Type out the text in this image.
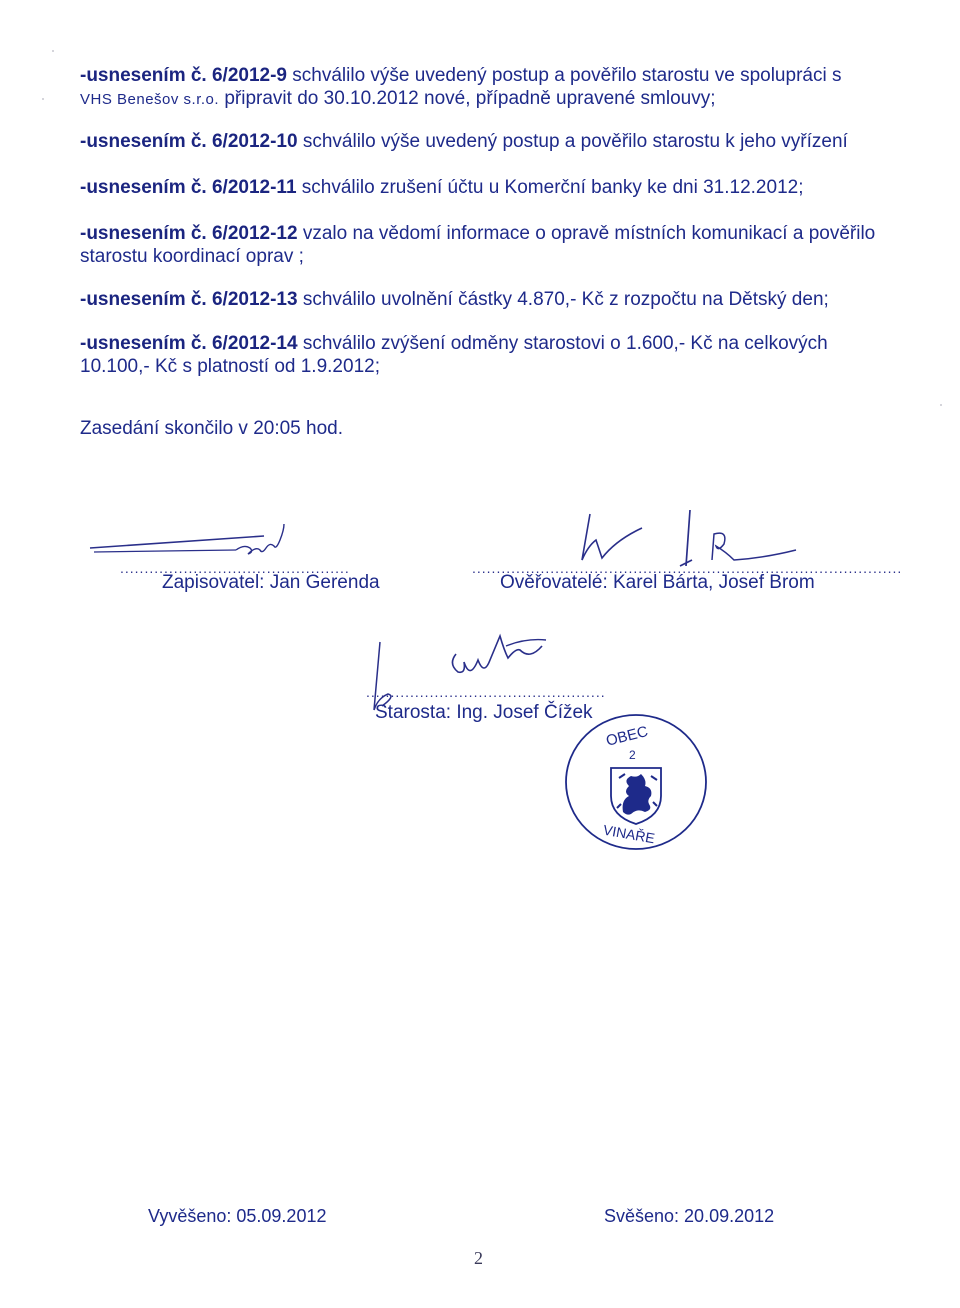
-usnesením č. 6/2012-9 schválilo výše uvedený postup a pověřilo starostu ve spolupráci s
VHS Benešov s.r.o. připravit do 30.10.2012 nové, případně upravené smlouvy;
-usnesením č. 6/2012-10 schválilo výše uvedený postup a pověřilo starostu k jeho vyřízení
-usnesením č. 6/2012-11 schválilo zrušení účtu u Komerční banky ke dni 31.12.2012;
-usnesením č. 6/2012-12 vzalo na vědomí informace o opravě místních komunikací a pověřilo starostu koordinací oprav ;
-usnesením č. 6/2012-13 schválilo uvolnění částky 4.870,- Kč z rozpočtu na Dětský den;
-usnesením č. 6/2012-14 schválilo zvýšení odměny starostovi o 1.600,- Kč na celkových 10.100,- Kč s platností od 1.9.2012;
Zasedání skončilo v 20:05 hod.
...............................................
Zapisovatel: Jan Gerenda
........................................................................................
Ověřovatelé: Karel Bárta, Josef Brom
.................................................
Starosta: Ing. Josef Čížek
OBEC
2
VINAŘE
Vyvěšeno: 05.09.2012	Svěšeno: 20.09.2012
2
